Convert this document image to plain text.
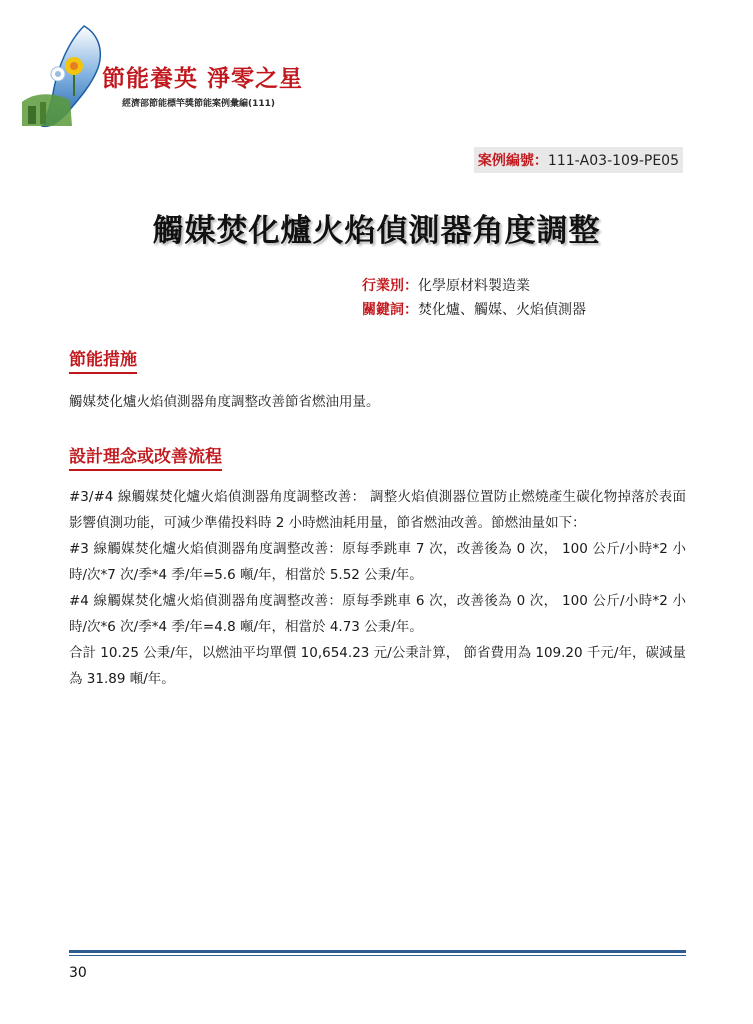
節能養英 淨零之星
經濟部節能標竿獎節能案例彙編(111)
案例編號：111-A03-109-PE05
觸媒焚化爐火焰偵測器角度調整
行業別：化學原材料製造業
關鍵詞：焚化爐、觸媒、火焰偵測器
節能措施

觸媒焚化爐火焰偵測器角度調整改善節省燃油用量。

設計理念或改善流程

#3/#4 線觸媒焚化爐火焰偵測器角度調整改善： 調整火焰偵測器位置防止燃燒產生碳化物掉落於表面影響偵測功能，可減少準備投料時 2 小時燃油耗用量，節省燃油改善。節燃油量如下：

#3 線觸媒焚化爐火焰偵測器角度調整改善：原每季跳車 7 次，改善後為 0 次， 100 公斤/小時*2 小時/次*7 次/季*4 季/年=5.6 噸/年，相當於 5.52 公秉/年。

#4 線觸媒焚化爐火焰偵測器角度調整改善：原每季跳車 6 次，改善後為 0 次， 100 公斤/小時*2 小時/次*6 次/季*4 季/年=4.8 噸/年，相當於 4.73 公秉/年。

合計 10.25 公秉/年，以燃油平均單價 10,654.23 元/公秉計算， 節省費用為 109.20 千元/年，碳減量為 31.89 噸/年。

30
